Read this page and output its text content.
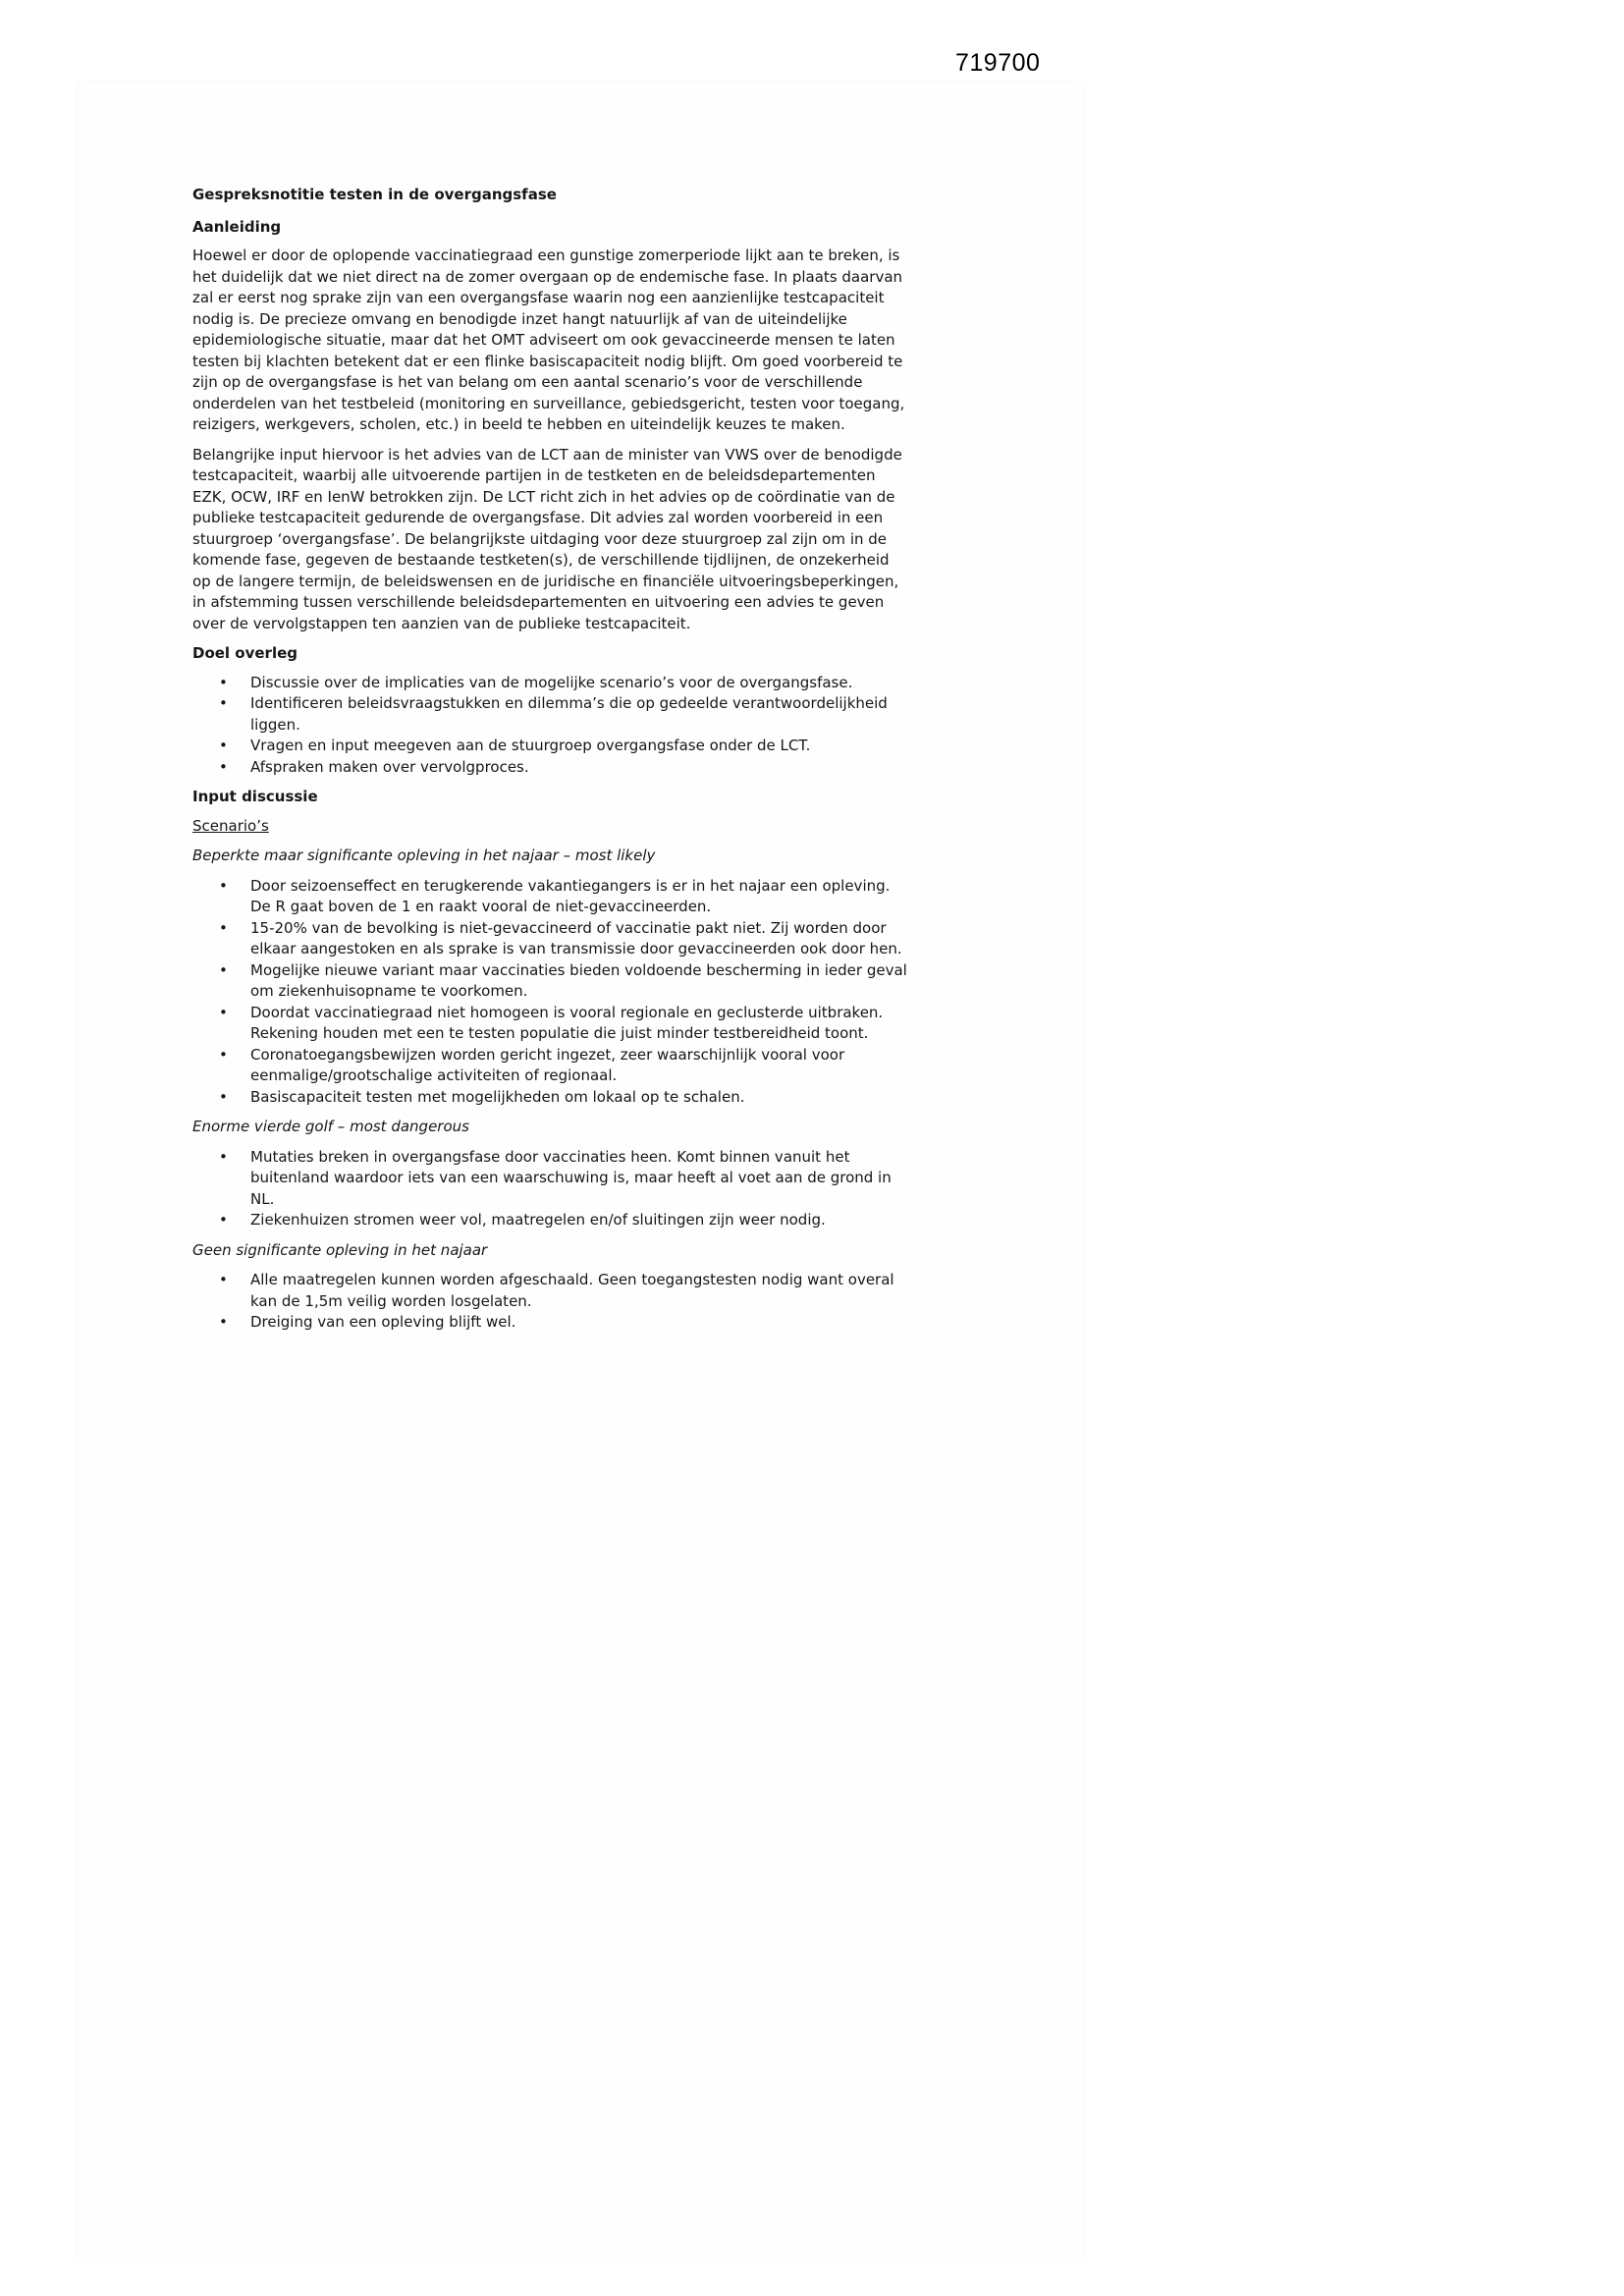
719700

Gespreksnotitie testen in de overgangsfase

Aanleiding

Hoewel er door de oplopende vaccinatiegraad een gunstige zomerperiode lijkt aan te breken, is het duidelijk dat we niet direct na de zomer overgaan op de endemische fase. In plaats daarvan zal er eerst nog sprake zijn van een overgangsfase waarin nog een aanzienlijke testcapaciteit nodig is. De precieze omvang en benodigde inzet hangt natuurlijk af van de uiteindelijke epidemiologische situatie, maar dat het OMT adviseert om ook gevaccineerde mensen te laten testen bij klachten betekent dat er een flinke basiscapaciteit nodig blijft. Om goed voorbereid te zijn op de overgangsfase is het van belang om een aantal scenario’s voor de verschillende onderdelen van het testbeleid (monitoring en surveillance, gebiedsgericht, testen voor toegang, reizigers, werkgevers, scholen, etc.) in beeld te hebben en uiteindelijk keuzes te maken.

Belangrijke input hiervoor is het advies van de LCT aan de minister van VWS over de benodigde testcapaciteit, waarbij alle uitvoerende partijen in de testketen en de beleidsdepartementen EZK, OCW, IRF en IenW betrokken zijn. De LCT richt zich in het advies op de coördinatie van de publieke testcapaciteit gedurende de overgangsfase. Dit advies zal worden voorbereid in een stuurgroep ‘overgangsfase’. De belangrijkste uitdaging voor deze stuurgroep zal zijn om in de komende fase, gegeven de bestaande testketen(s), de verschillende tijdlijnen, de onzekerheid op de langere termijn, de beleidswensen en de juridische en financiële uitvoeringsbeperkingen, in afstemming tussen verschillende beleidsdepartementen en uitvoering een advies te geven over de vervolgstappen ten aanzien van de publieke testcapaciteit.

Doel overleg

• Discussie over de implicaties van de mogelijke scenario’s voor de overgangsfase.
• Identificeren beleidsvraagstukken en dilemma’s die op gedeelde verantwoordelijkheid liggen.
• Vragen en input meegeven aan de stuurgroep overgangsfase onder de LCT.
• Afspraken maken over vervolgproces.

Input discussie

Scenario’s

Beperkte maar significante opleving in het najaar – most likely

• Door seizoenseffect en terugkerende vakantiegangers is er in het najaar een opleving. De R gaat boven de 1 en raakt vooral de niet-gevaccineerden.
• 15-20% van de bevolking is niet-gevaccineerd of vaccinatie pakt niet. Zij worden door elkaar aangestoken en als sprake is van transmissie door gevaccineerden ook door hen.
• Mogelijke nieuwe variant maar vaccinaties bieden voldoende bescherming in ieder geval om ziekenhuisopname te voorkomen.
• Doordat vaccinatiegraad niet homogeen is vooral regionale en geclusterde uitbraken. Rekening houden met een te testen populatie die juist minder testbereidheid toont.
• Coronatoegangsbewijzen worden gericht ingezet, zeer waarschijnlijk vooral voor eenmalige/grootschalige activiteiten of regionaal.
• Basiscapaciteit testen met mogelijkheden om lokaal op te schalen.

Enorme vierde golf – most dangerous

• Mutaties breken in overgangsfase door vaccinaties heen. Komt binnen vanuit het buitenland waardoor iets van een waarschuwing is, maar heeft al voet aan de grond in NL.
• Ziekenhuizen stromen weer vol, maatregelen en/of sluitingen zijn weer nodig.

Geen significante opleving in het najaar

• Alle maatregelen kunnen worden afgeschaald. Geen toegangstesten nodig want overal kan de 1,5m veilig worden losgelaten.
• Dreiging van een opleving blijft wel.
